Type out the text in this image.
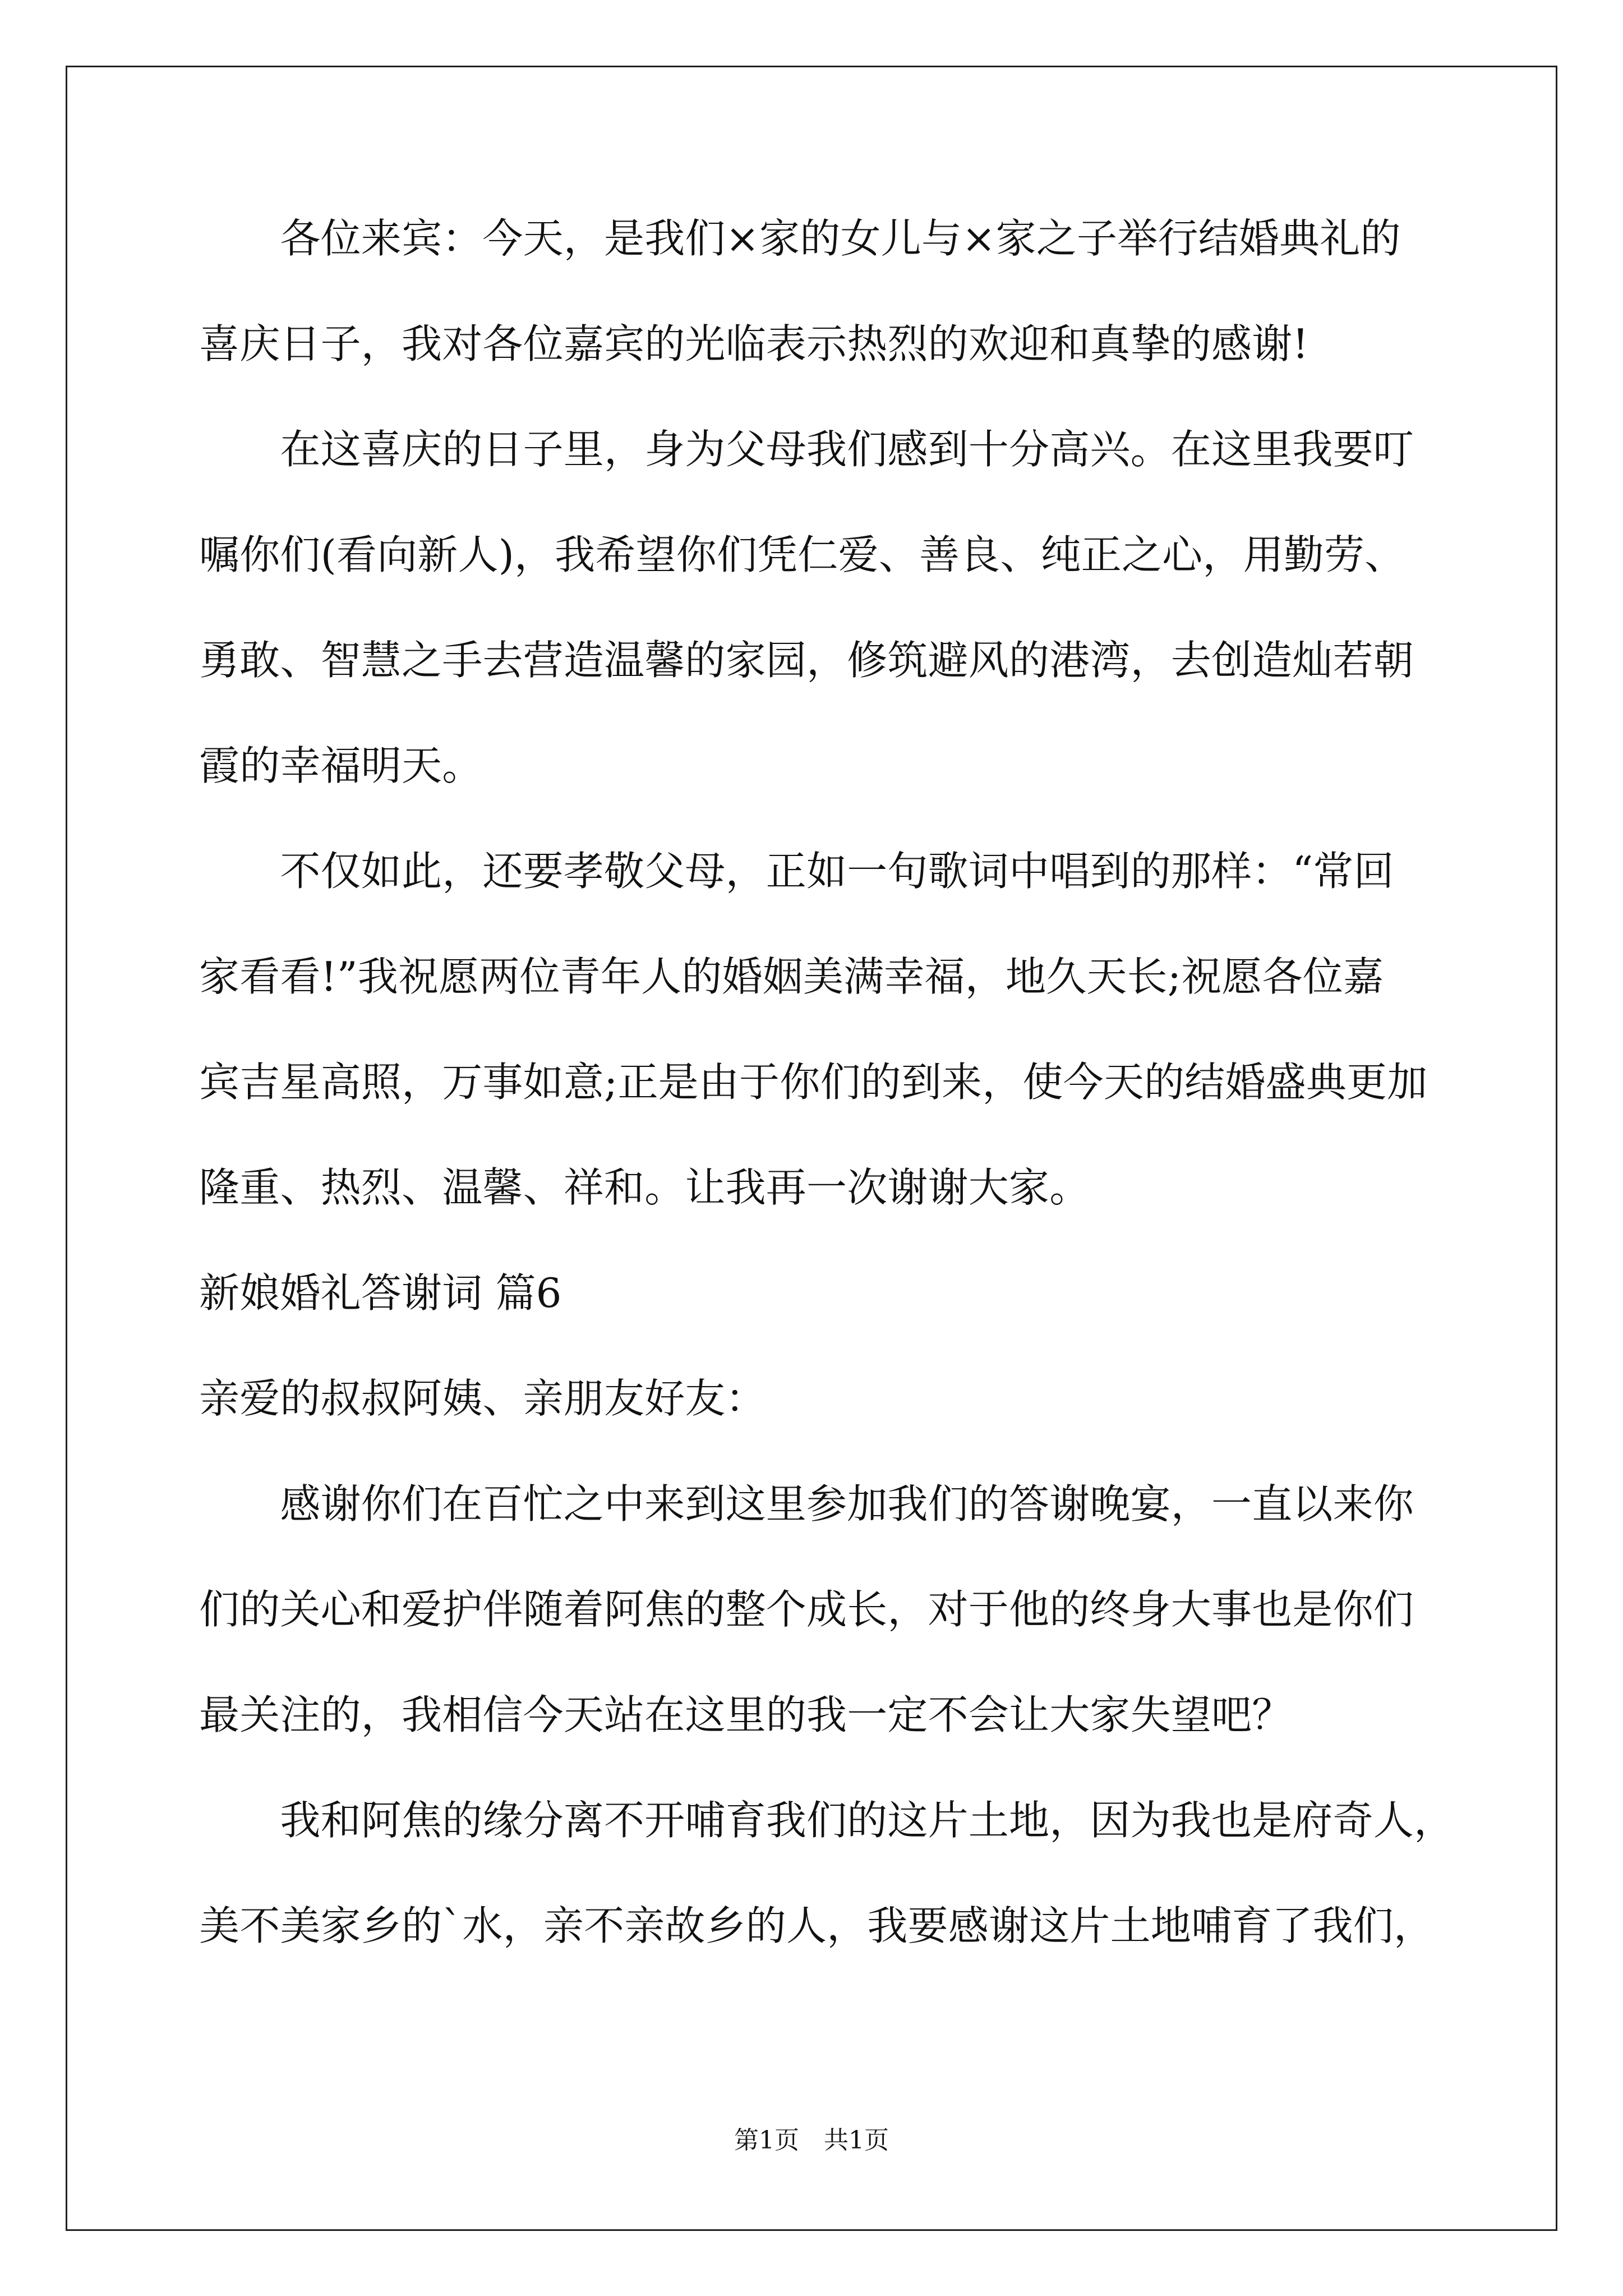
　　各位来宾：今天，是我们×家的女儿与×家之子举行结婚典礼的
喜庆日子，我对各位嘉宾的光临表示热烈的欢迎和真挚的感谢!
　　在这喜庆的日子里，身为父母我们感到十分高兴。在这里我要叮
嘱你们(看向新人)，我希望你们凭仁爱、善良、纯正之心，用勤劳、
勇敢、智慧之手去营造温馨的家园，修筑避风的港湾，去创造灿若朝
霞的幸福明天。
　　不仅如此，还要孝敬父母，正如一句歌词中唱到的那样：“常回
家看看!”我祝愿两位青年人的婚姻美满幸福，地久天长;祝愿各位嘉
宾吉星高照，万事如意;正是由于你们的到来，使今天的结婚盛典更加
隆重、热烈、温馨、祥和。让我再一次谢谢大家。
新娘婚礼答谢词 篇6
亲爱的叔叔阿姨、亲朋友好友：
　　感谢你们在百忙之中来到这里参加我们的答谢晚宴，一直以来你
们的关心和爱护伴随着阿焦的整个成长，对于他的终身大事也是你们
最关注的，我相信今天站在这里的我一定不会让大家失望吧？
　　我和阿焦的缘分离不开哺育我们的这片土地，因为我也是府奇人，
美不美家乡的`水，亲不亲故乡的人，我要感谢这片土地哺育了我们，
第1页　共1页
